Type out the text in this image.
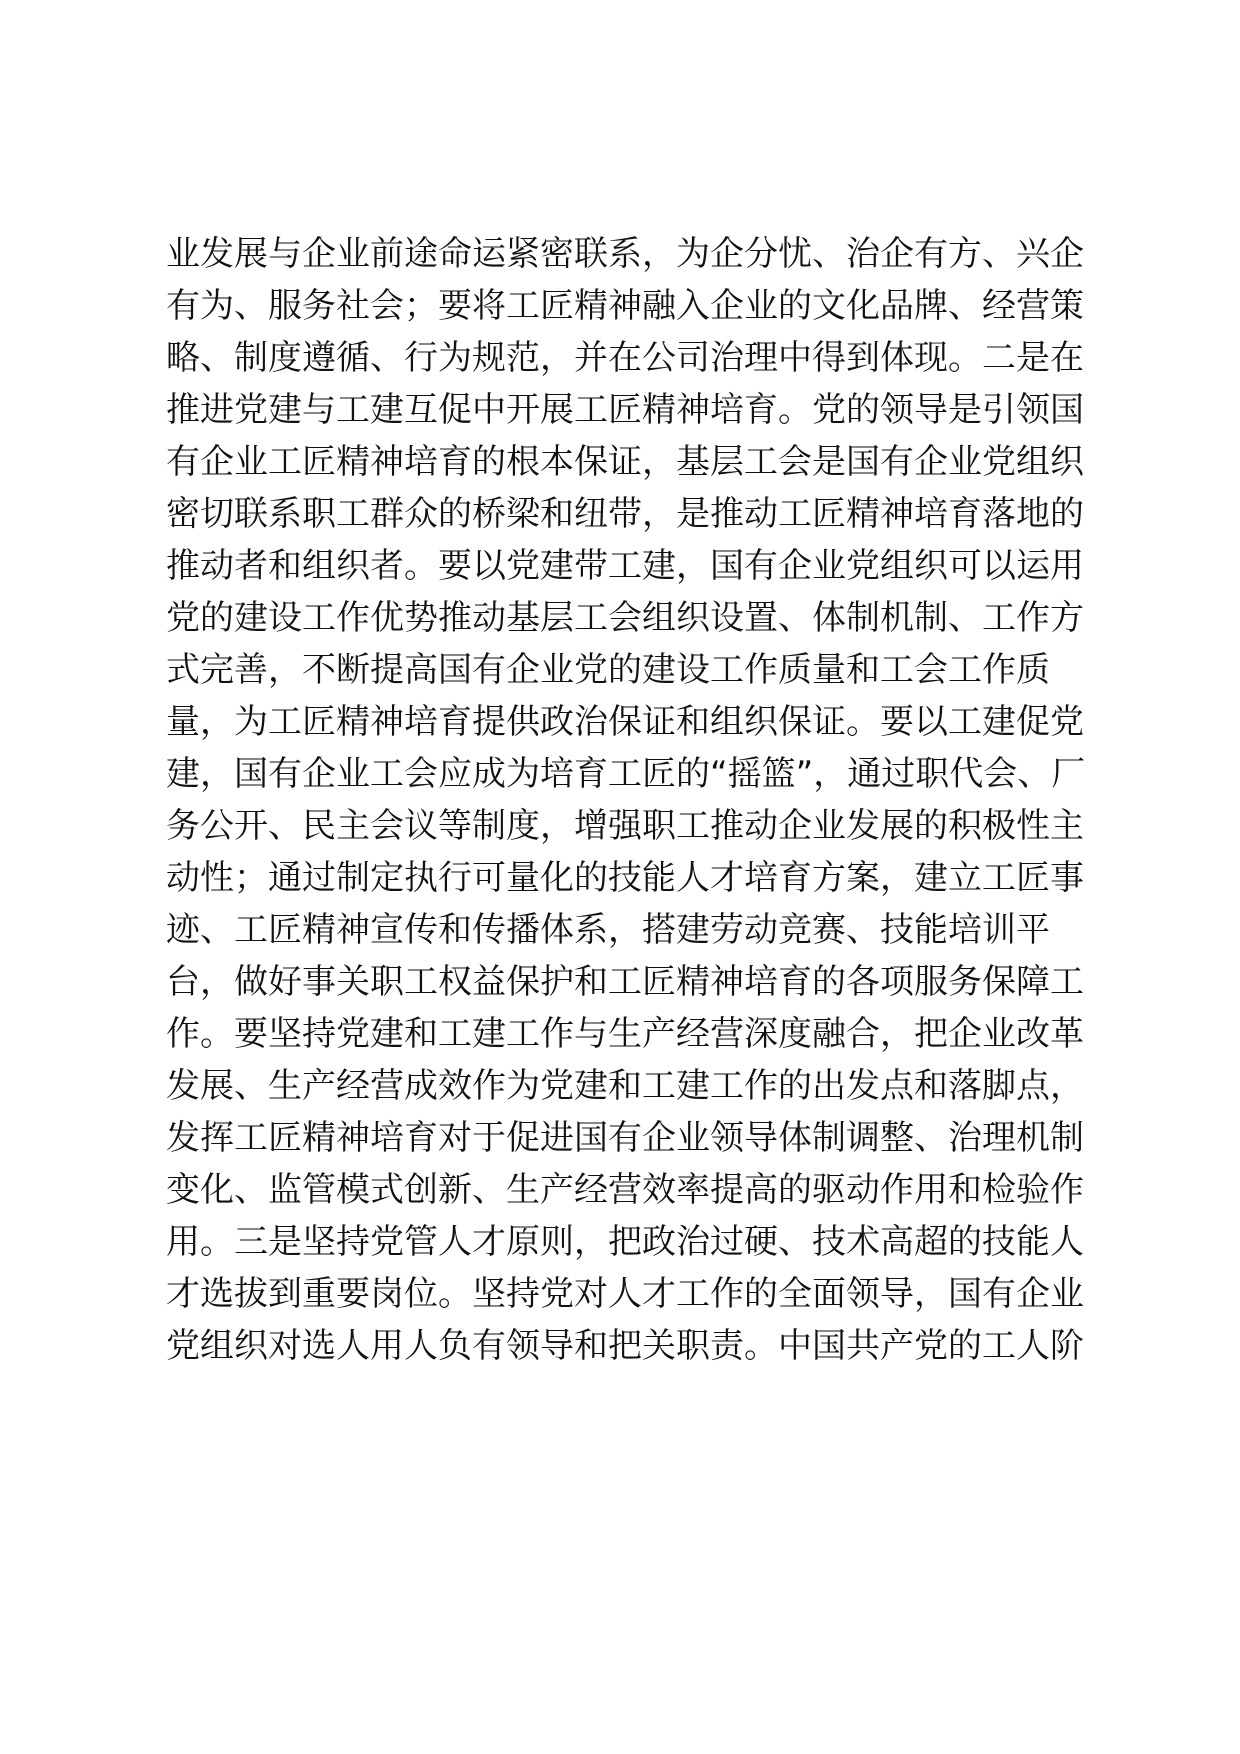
业发展与企业前途命运紧密联系，为企分忧、治企有方、兴企
有为、服务社会；要将工匠精神融入企业的文化品牌、经营策
略、制度遵循、行为规范，并在公司治理中得到体现。二是在
推进党建与工建互促中开展工匠精神培育。党的领导是引领国
有企业工匠精神培育的根本保证，基层工会是国有企业党组织
密切联系职工群众的桥梁和纽带，是推动工匠精神培育落地的
推动者和组织者。要以党建带工建，国有企业党组织可以运用
党的建设工作优势推动基层工会组织设置、体制机制、工作方
式完善，不断提高国有企业党的建设工作质量和工会工作质
量，为工匠精神培育提供政治保证和组织保证。要以工建促党
建，国有企业工会应成为培育工匠的“摇篮”，通过职代会、厂
务公开、民主会议等制度，增强职工推动企业发展的积极性主
动性；通过制定执行可量化的技能人才培育方案，建立工匠事
迹、工匠精神宣传和传播体系，搭建劳动竞赛、技能培训平
台，做好事关职工权益保护和工匠精神培育的各项服务保障工
作。要坚持党建和工建工作与生产经营深度融合，把企业改革
发展、生产经营成效作为党建和工建工作的出发点和落脚点，
发挥工匠精神培育对于促进国有企业领导体制调整、治理机制
变化、监管模式创新、生产经营效率提高的驱动作用和检验作
用。三是坚持党管人才原则，把政治过硬、技术高超的技能人
才选拔到重要岗位。坚持党对人才工作的全面领导，国有企业
党组织对选人用人负有领导和把关职责。中国共产党的工人阶
